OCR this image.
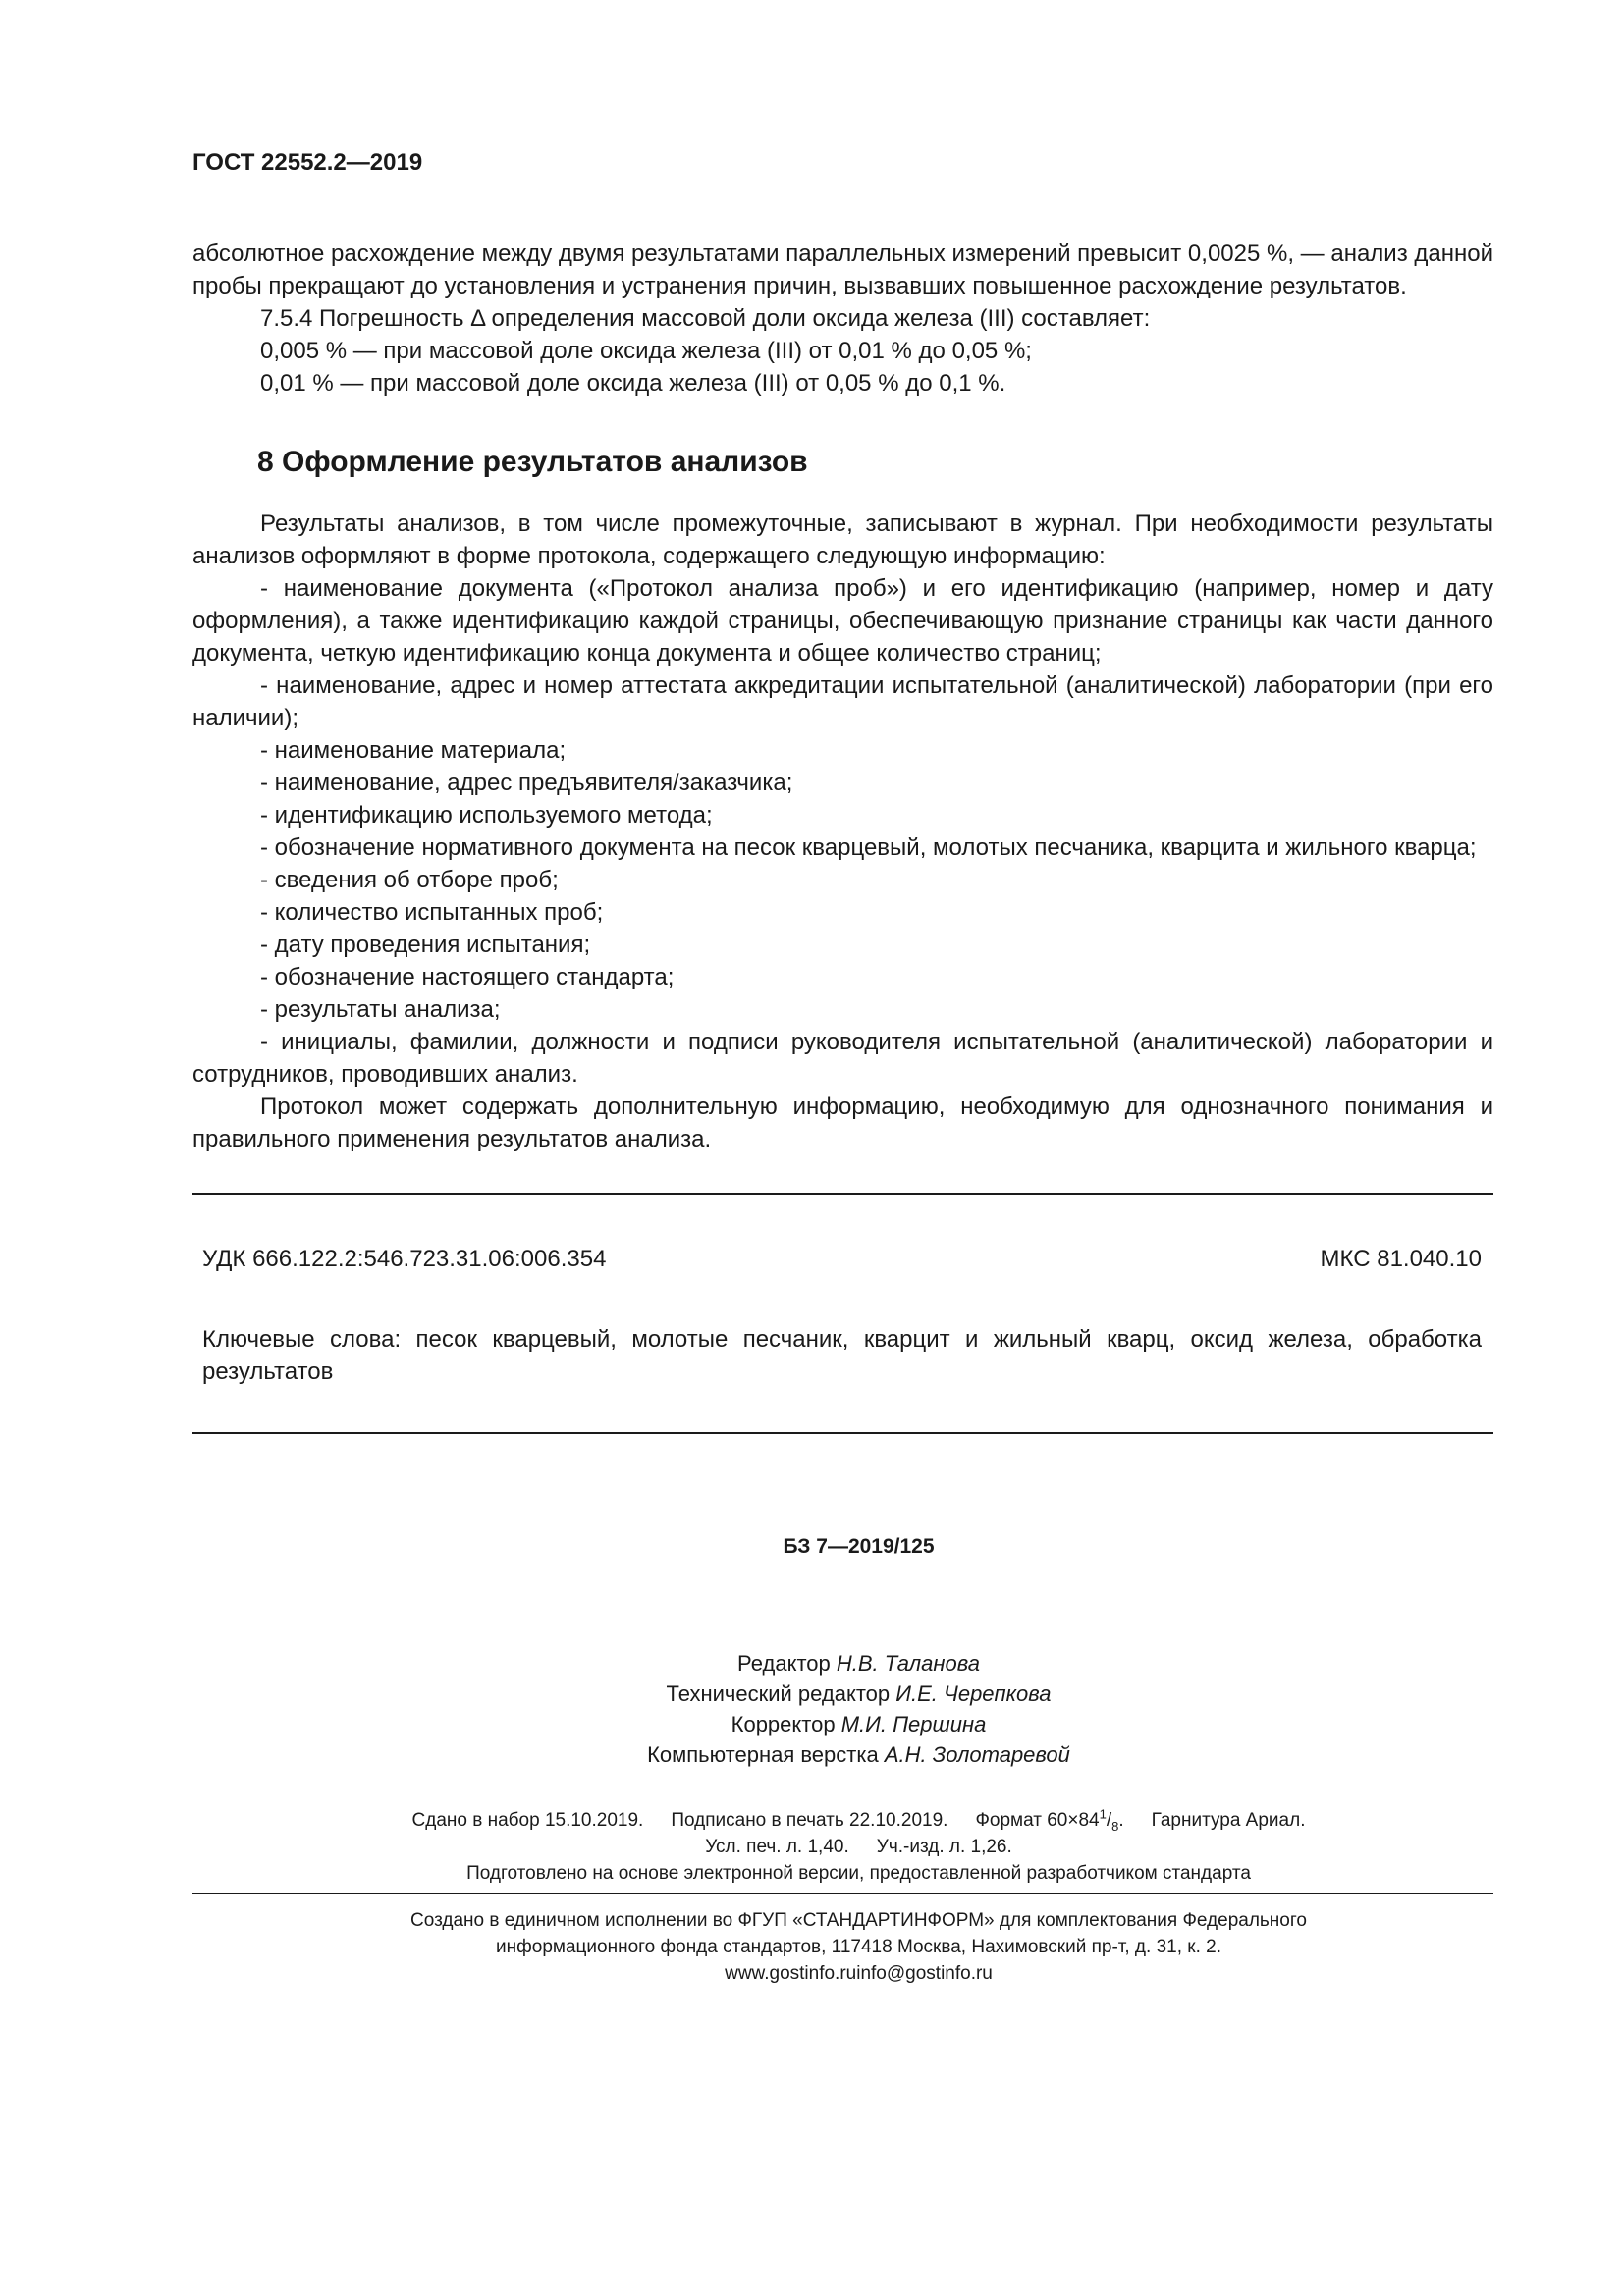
ГОСТ 22552.2—2019

абсолютное расхождение между двумя результатами параллельных измерений превысит 0,0025 %, — анализ данной пробы прекращают до установления и устранения причин, вызвавших повышенное расхождение результатов.

7.5.4 Погрешность Δ определения массовой доли оксида железа (III) составляет:

0,005 % — при массовой доле оксида железа (III) от 0,01 % до 0,05 %;

0,01 % — при массовой доле оксида железа (III) от 0,05 % до 0,1 %.

8 Оформление результатов анализов

Результаты анализов, в том числе промежуточные, записывают в журнал. При необходимости результаты анализов оформляют в форме протокола, содержащего следующую информацию:

- наименование документа («Протокол анализа проб») и его идентификацию (например, номер и дату оформления), а также идентификацию каждой страницы, обеспечивающую признание страницы как части данного документа, четкую идентификацию конца документа и общее количество страниц;

- наименование, адрес и номер аттестата аккредитации испытательной (аналитической) лаборатории (при его наличии);

- наименование материала;

- наименование, адрес предъявителя/заказчика;

- идентификацию используемого метода;

- обозначение нормативного документа на песок кварцевый, молотых песчаника, кварцита и жильного кварца;

- сведения об отборе проб;

- количество испытанных проб;

- дату проведения испытания;

- обозначение настоящего стандарта;

- результаты анализа;

- инициалы, фамилии, должности и подписи руководителя испытательной (аналитической) лаборатории и сотрудников, проводивших анализ.

Протокол может содержать дополнительную информацию, необходимую для однозначного понимания и правильного применения результатов анализа.

УДК 666.122.2:546.723.31.06:006.354	МКС 81.040.10
Ключевые слова: песок кварцевый, молотые песчаник, кварцит и жильный кварц, оксид железа, обработка результатов
БЗ 7—2019/125
Редактор Н.В. Таланова
Технический редактор И.Е. Черепкова
Корректор М.И. Першина
Компьютерная верстка А.Н. Золотаревой
Сдано в набор 15.10.2019. Подписано в печать 22.10.2019. Формат $60\times 84^1/_8$. Гарнитура Ариал.
Усл. печ. л. 1,40. Уч.-изд. л. 1,26.
Подготовлено на основе электронной версии, предоставленной разработчиком стандарта
Создано в единичном исполнении во ФГУП «СТАНДАРТИНФОРМ» для комплектования Федерального
информационного фонда стандартов, 117418 Москва, Нахимовский пр-т, д. 31, к. 2.
www.gostinfo.ruinfo@gostinfo.ru
